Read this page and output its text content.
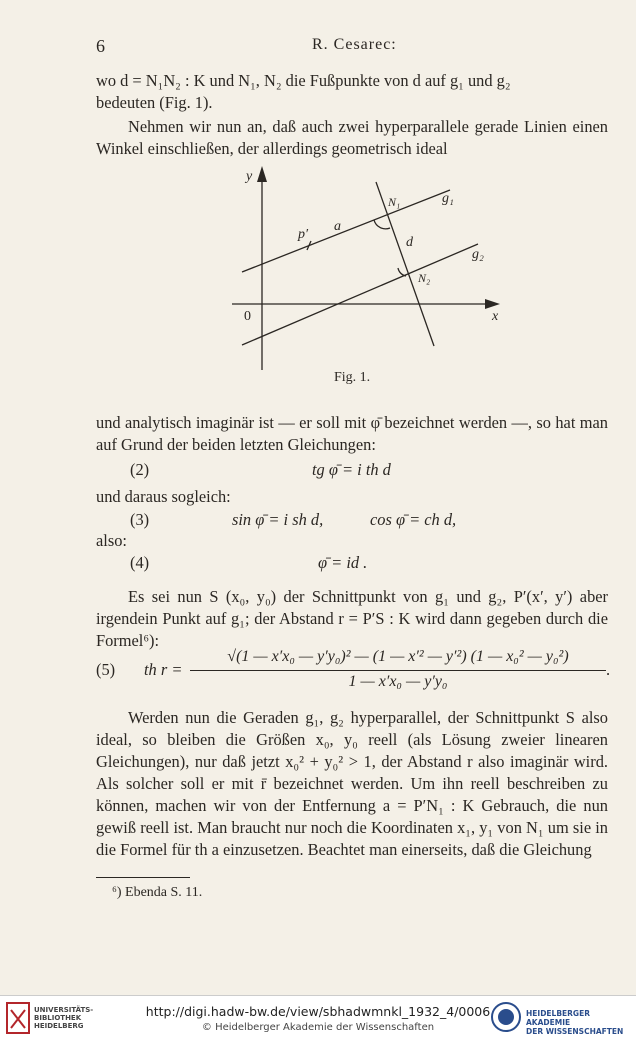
6	R. Cesarec:
wo d = N₁N₂ : K und N₁, N₂ die Fußpunkte von d auf g₁ und g₂
bedeuten (Fig. 1).
Nehmen wir nun an, daß auch zwei hyperparallele gerade Linien einen Winkel einschließen, der allerdings geometrisch ideal
y
x
0
p′
a
d
N₁
N₂
g₁
g₂
Fig. 1.
und analytisch imaginär ist — er soll mit φ̄ bezeichnet werden —, so hat man auf Grund der beiden letzten Gleichungen:
(2)	tg φ̄ = i th d
und daraus sogleich:
(3)	sin φ̄ = i sh d,	cos φ̄ = ch d,
also:
(4)	φ̄ = id .
Es sei nun S (x₀, y₀) der Schnittpunkt von g₁ und g₂, P′(x′, y′) aber irgendein Punkt auf g₁; der Abstand r = P′S : K wird dann gegeben durch die Formel⁶):
(5) th r =
√(1 — x′x₀ — y′y₀)² — (1 — x′² — y′²) (1 — x₀² — y₀²)
1 — x′x₀ — y′y₀
.
Werden nun die Geraden g₁, g₂ hyperparallel, der Schnittpunkt S also ideal, so bleiben die Größen x₀, y₀ reell (als Lösung zweier linearen Gleichungen), nur daß jetzt x₀² + y₀² > 1, der Abstand r also imaginär wird. Als solcher soll er mit r̄ bezeichnet werden. Um ihn reell beschreiben zu können, machen wir von der Entfernung a = P′N₁ : K Gebrauch, die nun gewiß reell ist. Man braucht nur noch die Koordinaten x₁, y₁ von N₁ um sie in die Formel für th a einzusetzen. Beachtet man einerseits, daß die Gleichung
⁶) Ebenda S. 11.
UNIVERSITÄTS-
BIBLIOTHEK
HEIDELBERG
http://digi.hadw-bw.de/view/sbhadwmnkl_1932_4/0006
© Heidelberger Akademie der Wissenschaften
HEIDELBERGER AKADEMIE
DER WISSENSCHAFTEN
